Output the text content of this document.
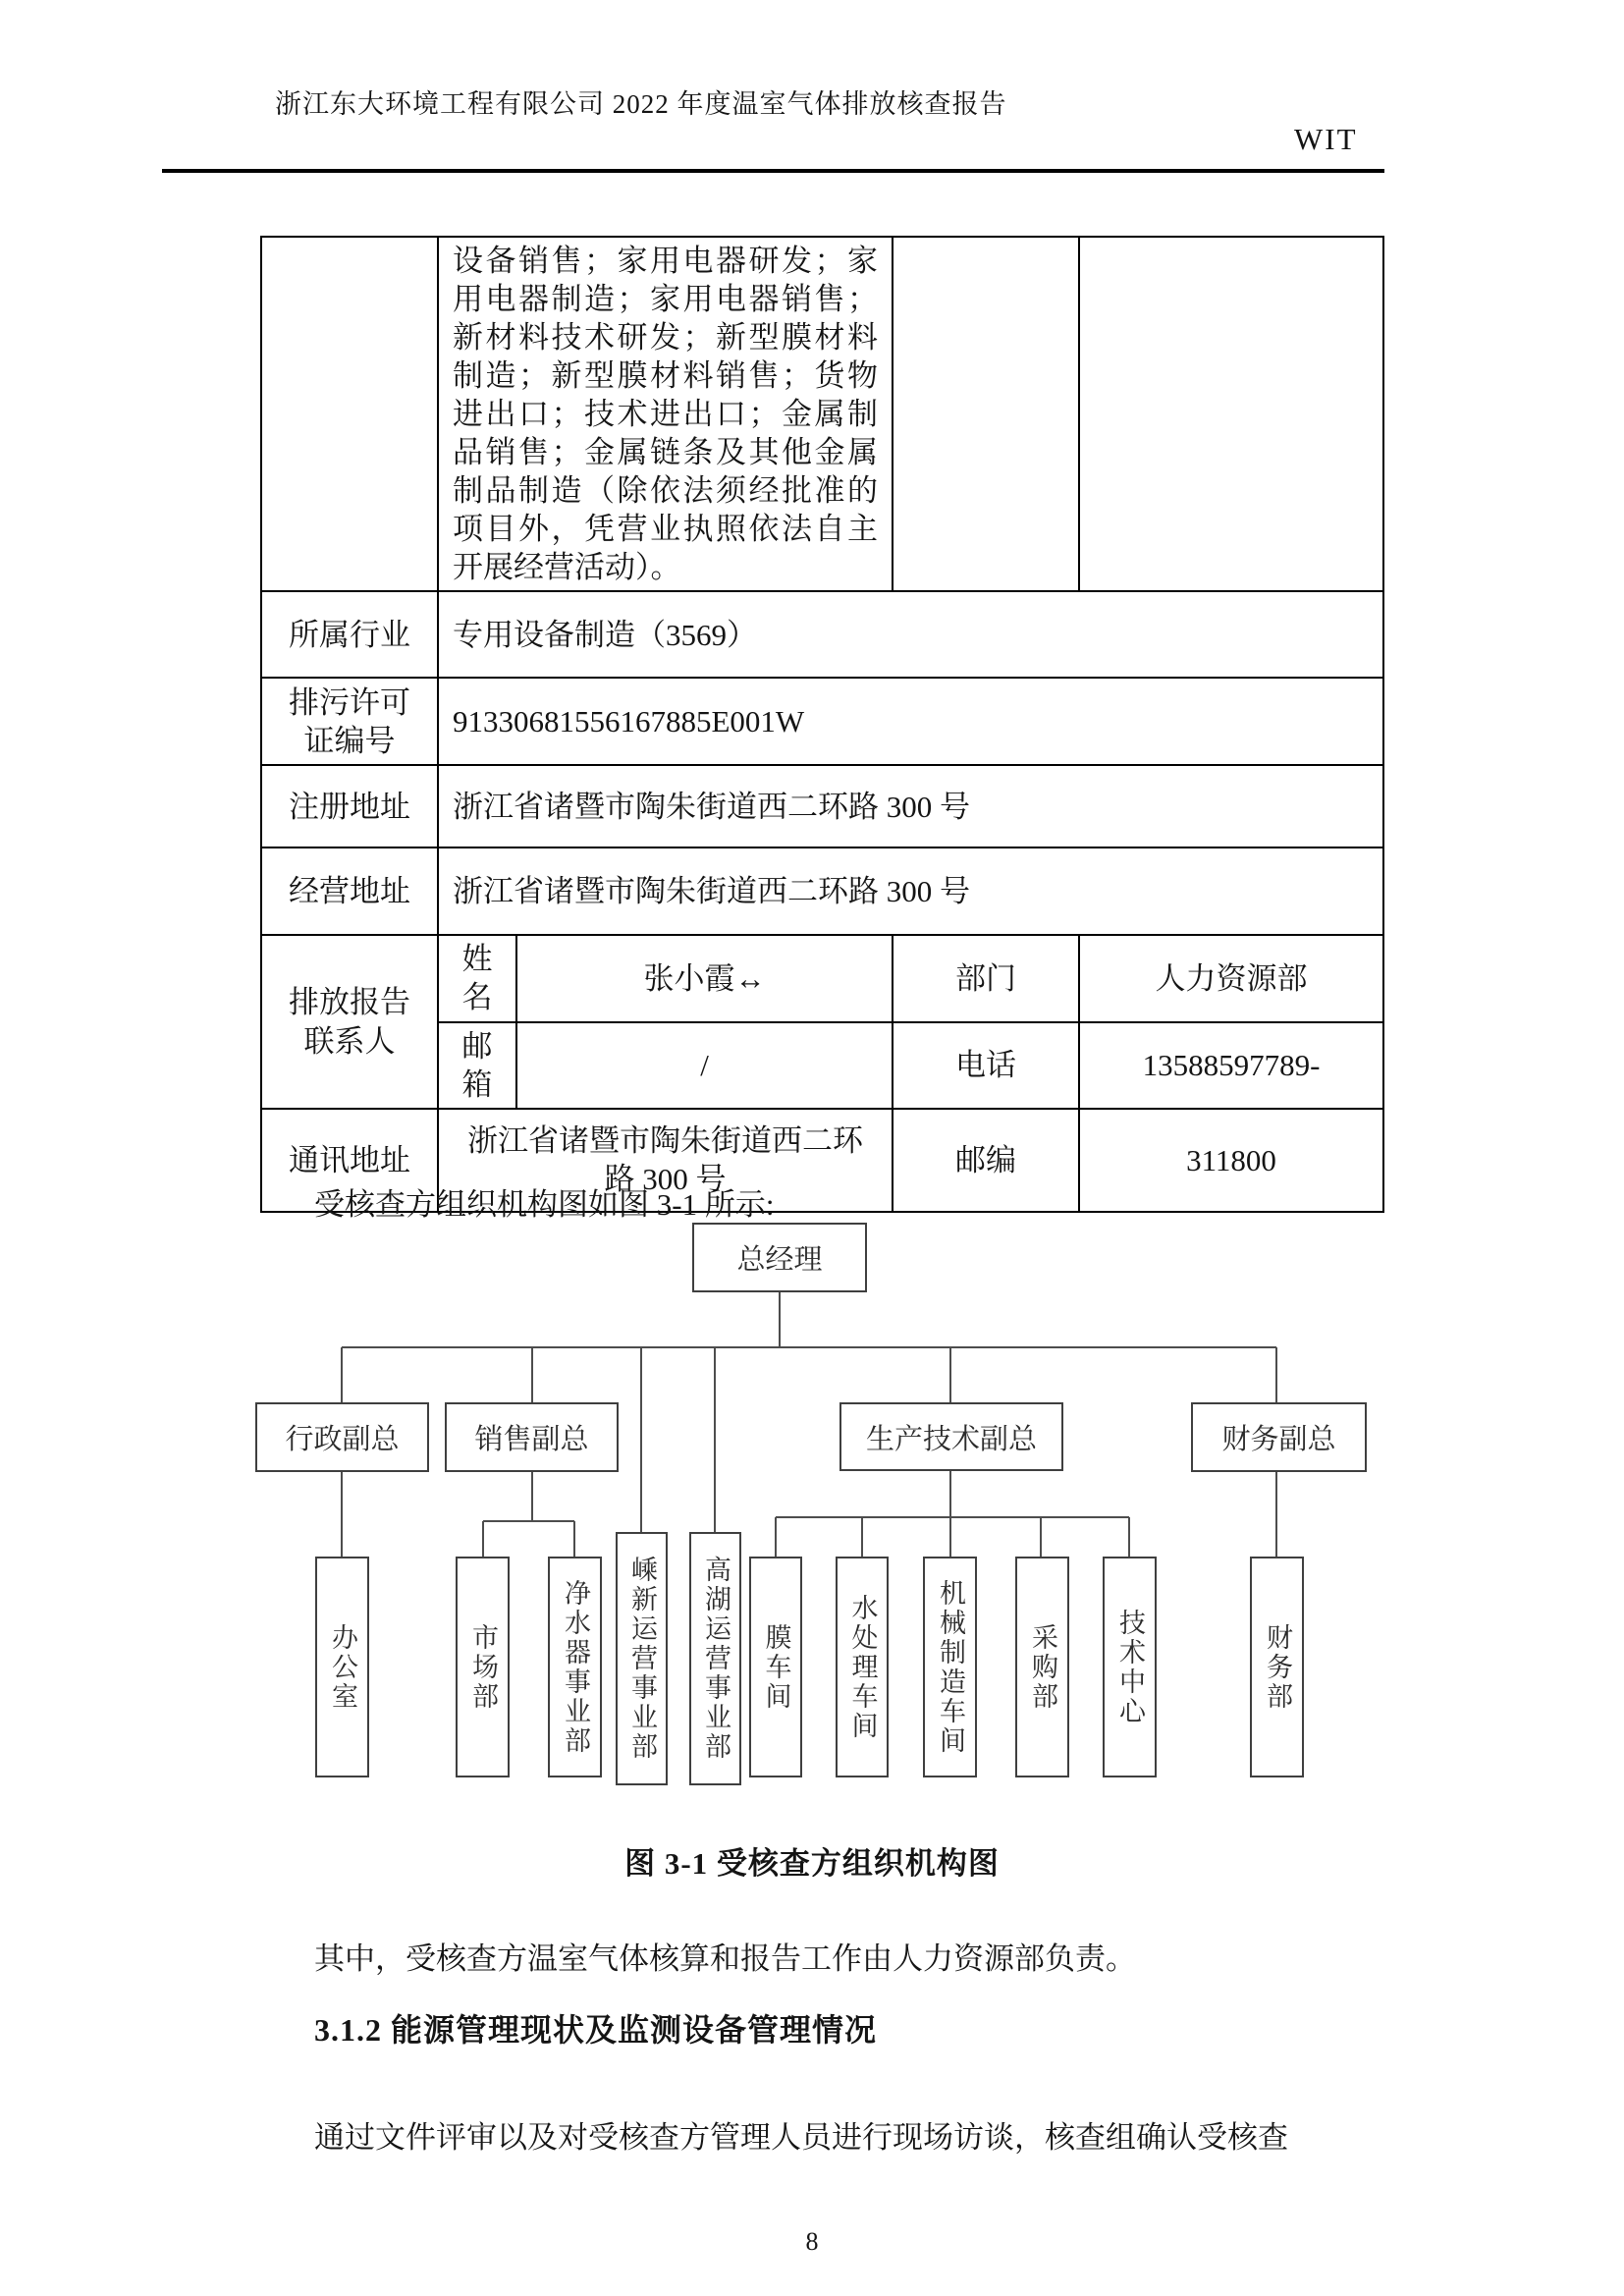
浙江东大环境工程有限公司 2022 年度温室气体排放核查报告
WIT
	设备销售；家用电器研发；家用电器制造；家用电器销售；新材料技术研发；新型膜材料制造；新型膜材料销售；货物进出口；技术进出口；金属制品销售；金属链条及其他金属制品制造（除依法须经批准的项目外，凭营业执照依法自主开展经营活动）。			
所属行业	专用设备制造（3569）			
排污许可证编号	91330681556167885E001W			
注册地址	浙江省诸暨市陶朱街道西二环路 300 号			
经营地址	浙江省诸暨市陶朱街道西二环路 300 号			
排放报告联系人	姓名	张小霞↔	部门	人力资源部
	邮箱	/	电话	13588597789-
通讯地址	浙江省诸暨市陶朱街道西二环路 300 号		邮编	311800

受核查方组织机构图如图 3-1 所示:

总经理
行政副总	销售副总	生产技术副总	财务副总
办公室	市场部	净水器事业部	嵊新运营事业部	高湖运营事业部	膜车间	水处理车间	机械制造车间	采购部	技术中心	财务部
图 3-1 受核查方组织机构图

其中，受核查方温室气体核算和报告工作由人力资源部负责。

3.1.2 能源管理现状及监测设备管理情况

通过文件评审以及对受核查方管理人员进行现场访谈，核查组确认受核查

8
